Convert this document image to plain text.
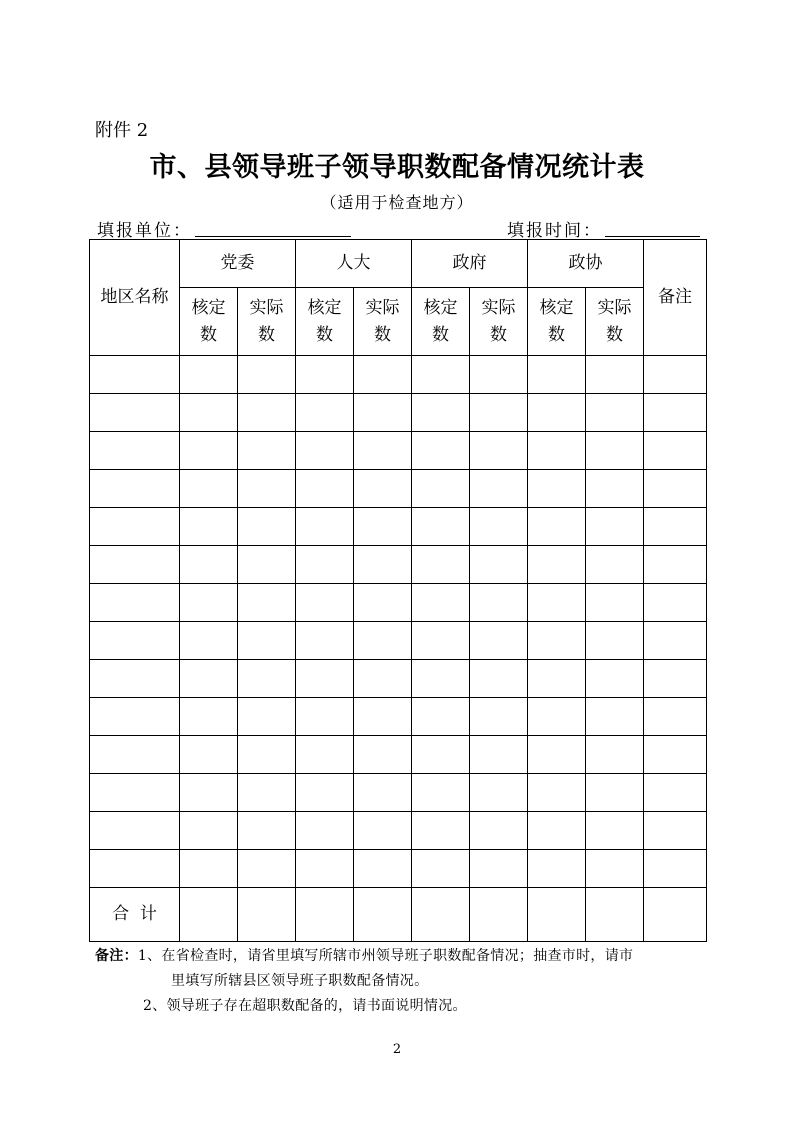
附件 2
市、县领导班子领导职数配备情况统计表
（适用于检查地方）
填报单位：	填报时间：
地区名称	党委		人大		政府		政协		备注
	核定数	实际数	核定数	实际数	核定数	实际数	核定数	实际数	

合  计									
备注：1、在省检查时，请省里填写所辖市州领导班子职数配备情况；抽查市时，请市
里填写所辖县区领导班子职数配备情况。
2、领导班子存在超职数配备的，请书面说明情况。
2
